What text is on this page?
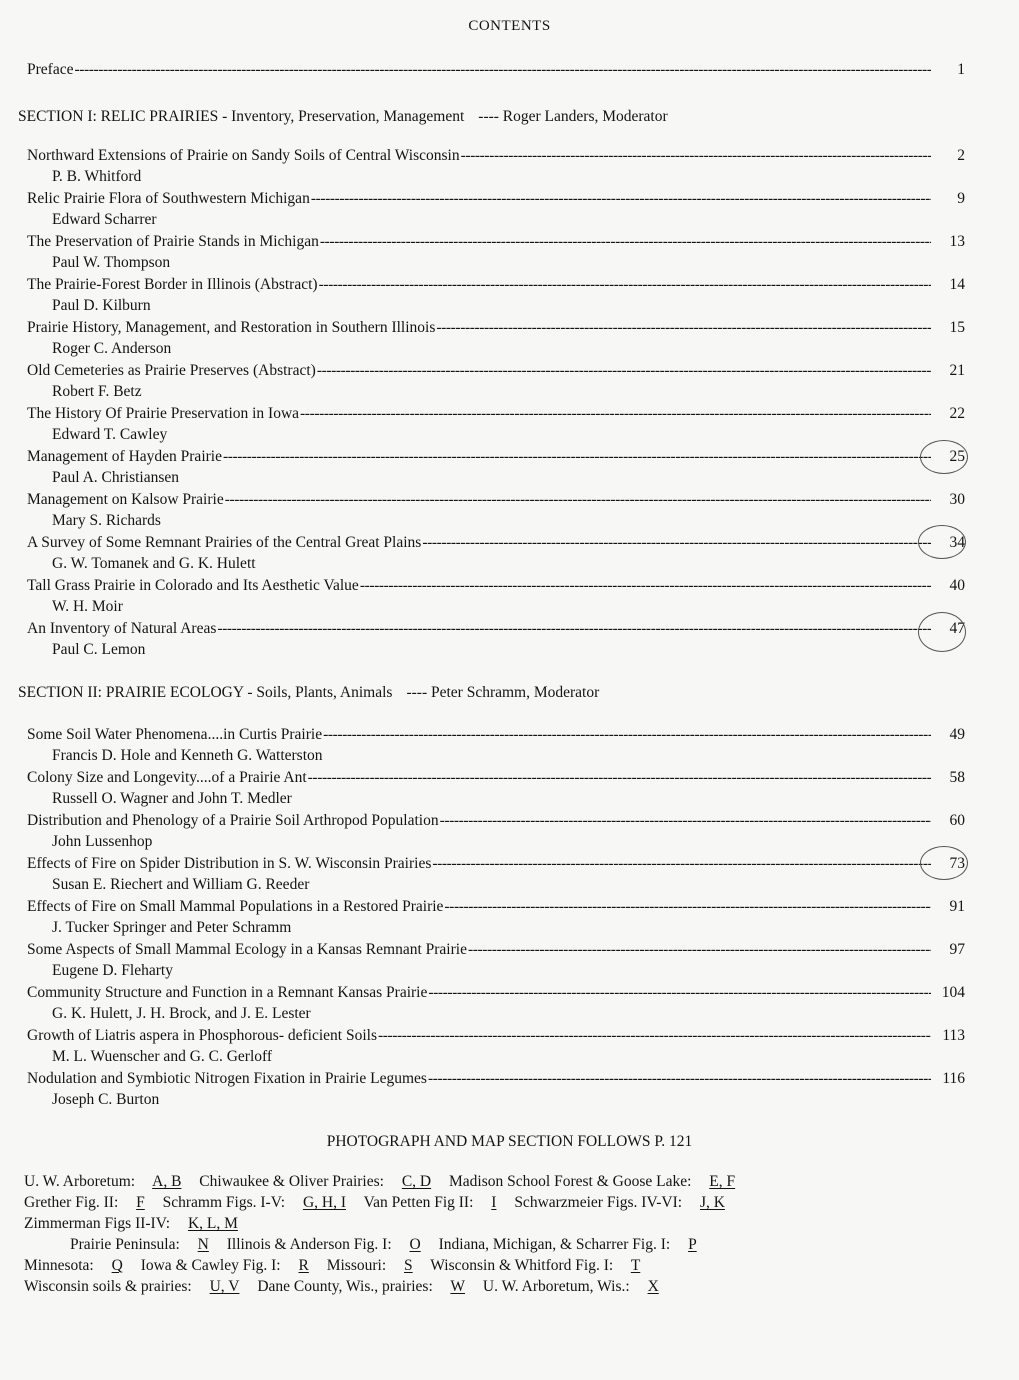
CONTENTS
Preface -----	1
SECTION I: RELIC PRAIRIES - Inventory, Preservation, Management ---- Roger Landers, Moderator
Northward Extensions of Prairie on Sandy Soils of Central Wisconsin -----	2
P. B. Whitford
Relic Prairie Flora of Southwestern Michigan -----	9
Edward Scharrer
The Preservation of Prairie Stands in Michigan -----	13
Paul W. Thompson
The Prairie-Forest Border in Illinois (Abstract) -----	14
Paul D. Kilburn
Prairie History, Management, and Restoration in Southern Illinois -----	15
Roger C. Anderson
Old Cemeteries as Prairie Preserves (Abstract) -----	21
Robert F. Betz
The History Of Prairie Preservation in Iowa -----	22
Edward T. Cawley
Management of Hayden Prairie -----	25
Paul A. Christiansen
Management on Kalsow Prairie -----	30
Mary S. Richards
A Survey of Some Remnant Prairies of the Central Great Plains -----	34
G. W. Tomanek and G. K. Hulett
Tall Grass Prairie in Colorado and Its Aesthetic Value -----	40
W. H. Moir
An Inventory of Natural Areas -----	47
Paul C. Lemon
SECTION II: PRAIRIE ECOLOGY - Soils, Plants, Animals ---- Peter Schramm, Moderator
Some Soil Water Phenomena....in Curtis Prairie -----	49
Francis D. Hole and Kenneth G. Watterston
Colony Size and Longevity....of a Prairie Ant -----	58
Russell O. Wagner and John T. Medler
Distribution and Phenology of a Prairie Soil Arthropod Population -----	60
John Lussenhop
Effects of Fire on Spider Distribution in S. W. Wisconsin Prairies -----	73
Susan E. Riechert and William G. Reeder
Effects of Fire on Small Mammal Populations in a Restored Prairie -----	91
J. Tucker Springer and Peter Schramm
Some Aspects of Small Mammal Ecology in a Kansas Remnant Prairie -----	97
Eugene D. Fleharty
Community Structure and Function in a Remnant Kansas Prairie -----	104
G. K. Hulett, J. H. Brock, and J. E. Lester
Growth of Liatris aspera in Phosphorous- deficient Soils -----	113
M. L. Wuenscher and G. C. Gerloff
Nodulation and Symbiotic Nitrogen Fixation in Prairie Legumes -----	116
Joseph C. Burton
PHOTOGRAPH AND MAP SECTION FOLLOWS P. 121
U. W. Arboretum: A, B Chiwaukee & Oliver Prairies: C, D Madison School Forest & Goose Lake: E, F
Grether Fig. II: F Schramm Figs. I-V: G, H, I Van Petten Fig II: I Schwarzmeier Figs. IV-VI: J, K
Zimmerman Figs II-IV: K, L, M
Prairie Peninsula: N Illinois & Anderson Fig. I: O Indiana, Michigan, & Scharrer Fig. I: P
Minnesota: Q Iowa & Cawley Fig. I: R Missouri: S Wisconsin & Whitford Fig. I: T
Wisconsin soils & prairies: U, V Dane County, Wis., prairies: W U. W. Arboretum, Wis.: X
